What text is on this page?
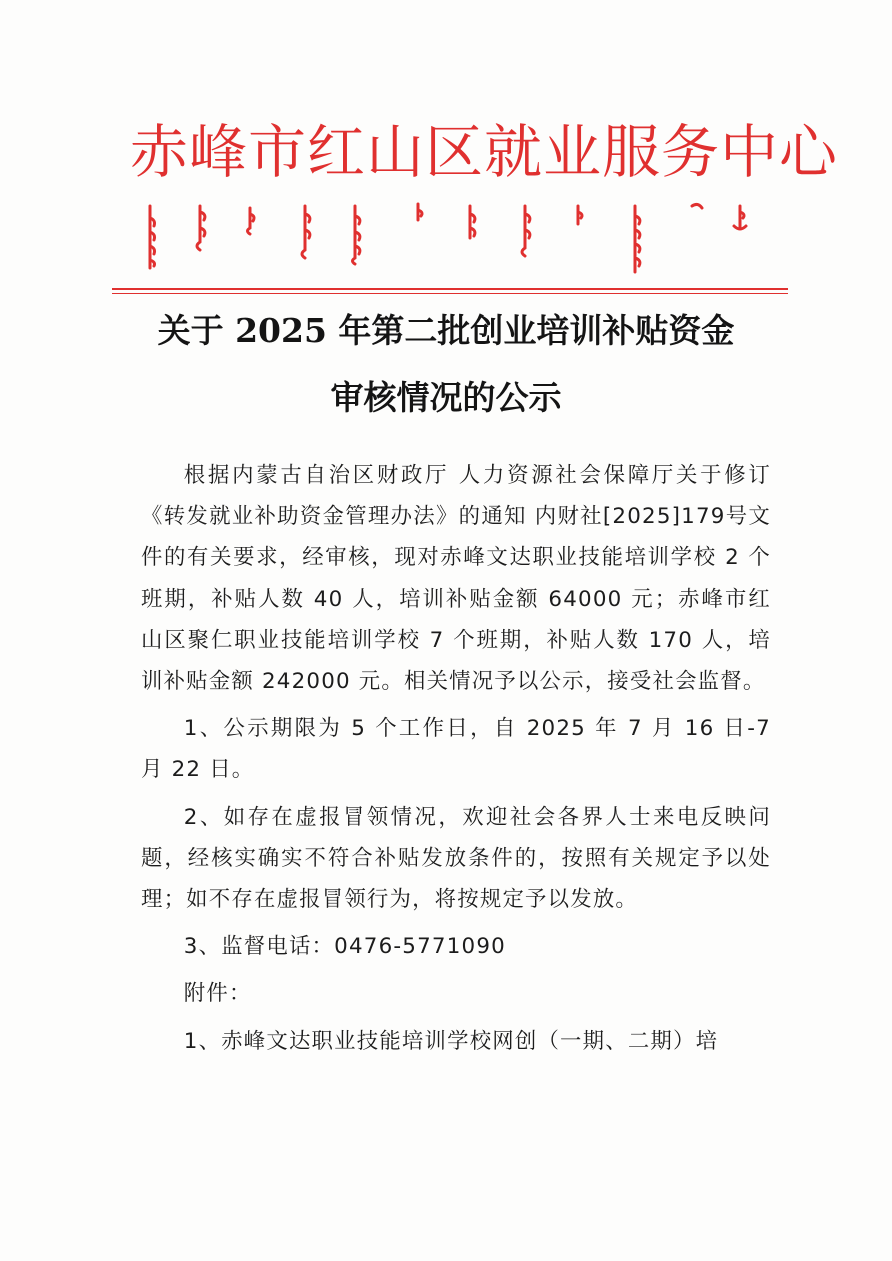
赤峰市红山区就业服务中心
关于 2025 年第二批创业培训补贴资金
审核情况的公示

根据内蒙古自治区财政厅 人力资源社会保障厅关于修订《转发就业补助资金管理办法》的通知 内财社[2025]179号文件的有关要求，经审核，现对赤峰文达职业技能培训学校 2 个班期，补贴人数 40 人，培训补贴金额 64000 元；赤峰市红山区聚仁职业技能培训学校 7 个班期，补贴人数 170 人，培训补贴金额 242000 元。相关情况予以公示，接受社会监督。

1、公示期限为 5 个工作日，自 2025 年 7 月 16 日-7 月 22 日。

2、如存在虚报冒领情况，欢迎社会各界人士来电反映问题，经核实确实不符合补贴发放条件的，按照有关规定予以处理；如不存在虚报冒领行为，将按规定予以发放。

3、监督电话：0476-5771090

附件：

1、赤峰文达职业技能培训学校网创（一期、二期）培
